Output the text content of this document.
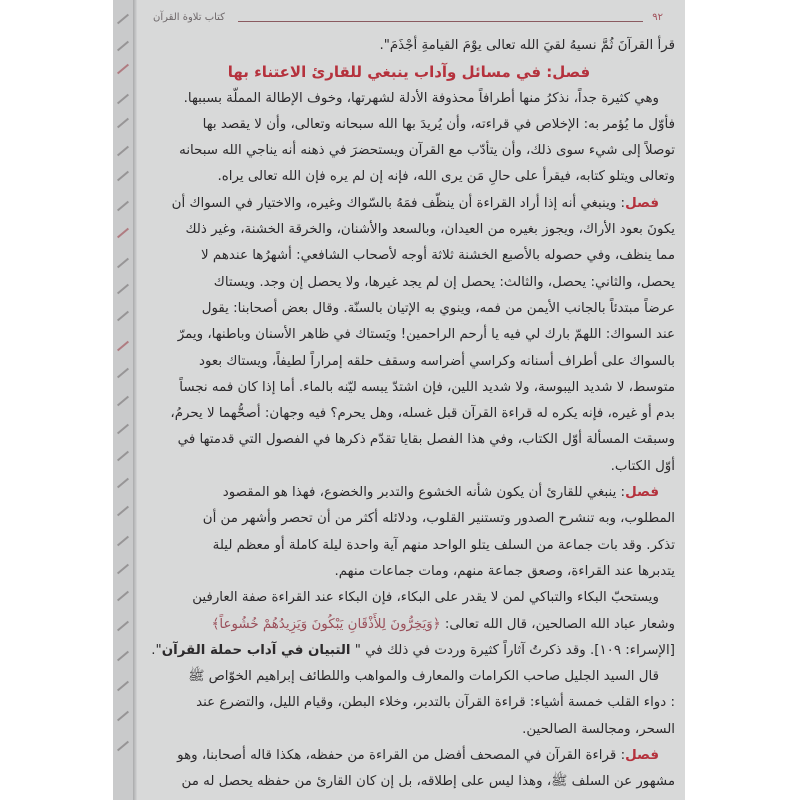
كتاب تلاوة القرآن	٩٢
قرأ القرآنَ ثُمَّ نسيهُ لقيَ الله تعالى يوْمَ القيامةِ أجْذَمَ".
فصل: في مسائل وآداب ينبغي للقارئ الاعتناء بها
وهي كثيرة جداً، نذكرُ منها أطرافاً محذوفة الأدلة لشهرتها، وخوف الإطالة المملّة بسببها.
فأوّل ما يُؤمر به: الإخلاص في قراءته، وأن يُريدَ بها الله سبحانه وتعالى، وأن لا يقصد بها
توصلاً إلى شيء سوى ذلك، وأن يتأدّب مع القرآن ويستحضرَ في ذهنه أنه يناجي الله سبحانه
وتعالى ويتلو كتابه، فيقرأ على حالِ مَن يرى الله، فإنه إن لم يره فإن الله تعالى يراه.
فصل: وينبغي أنه إذا أراد القراءة أن ينظّف فمَهُ بالسّواك وغيره، والاختيار في السواك أن
يكونَ بعود الأراك، ويجوز بغيره من العيدان، وبالسعد والأشنان، والخرقة الخشنة، وغير ذلك
مما ينظف، وفي حصوله بالأصبع الخشنة ثلاثة أوجه لأصحاب الشافعي: أشهرُها عندهم لا
يحصل، والثاني: يحصل، والثالث: يحصل إن لم يجد غيرها، ولا يحصل إن وجد. ويستاك
عرضاً مبتدئاً بالجانب الأيمن من فمه، وينوي به الإتيان بالسنّة. وقال بعض أصحابنا: يقول
عند السواك: اللهمّ بارك لي فيه يا أرحم الراحمين! ويَستاك في ظاهر الأسنان وباطنها، ويمرّ
بالسواك على أطراف أسنانه وكراسي أضراسه وسقف حلقه إمراراً لطيفاً، ويستاك بعود
متوسط، لا شديد اليبوسة، ولا شديد اللين، فإن اشتدّ يبسه ليّنه بالماء. أما إذا كان فمه نجساً
بدم أو غيره، فإنه يكره له قراءة القرآن قبل غسله، وهل يحرم؟ فيه وجهان: أصحُّهما لا يحرمُ،
وسبقت المسألة أوّل الكتاب، وفي هذا الفصل بقايا تقدّم ذكرها في الفصول التي قدمتها في
أوّل الكتاب.
فصل: ينبغي للقارئ أن يكون شأنه الخشوع والتدبر والخضوع، فهذا هو المقصود
المطلوب، وبه تنشرح الصدور وتستنير القلوب، ودلائله أكثر من أن تحصر وأشهر من أن
تذكر. وقد بات جماعة من السلف يتلو الواحد منهم آية واحدة ليلة كاملة أو معظم ليلة
يتدبرها عند القراءة، وصعق جماعة منهم، ومات جماعات منهم.
ويستحبّ البكاء والتباكي لمن لا يقدر على البكاء، فإن البكاء عند القراءة صفة العارفين
وشعار عباد الله الصالحين، قال الله تعالى: ﴿وَيَخِرُّونَ لِلأَذْقَانِ يَبْكُونَ وَيَزِيدُهُمْ خُشُوعاً﴾
[الإسراء: ١٠٩]. وقد ذكرتُ آثاراً كثيرة وردت في ذلك في " التبيان في آداب حملة القرآن".
قال السيد الجليل صاحب الكرامات والمعارف والمواهب واللطائف إبراهيم الخوّاص ﷺ
: دواء القلب خمسة أشياء: قراءة القرآن بالتدبر، وخلاء البطن، وقيام الليل، والتضرع عند
السحر، ومجالسة الصالحين.
فصل: قراءة القرآن في المصحف أفضل من القراءة من حفظه، هكذا قاله أصحابنا، وهو
مشهور عن السلف ﷺ، وهذا ليس على إطلاقه، بل إن كان القارئ من حفظه يحصل له من
